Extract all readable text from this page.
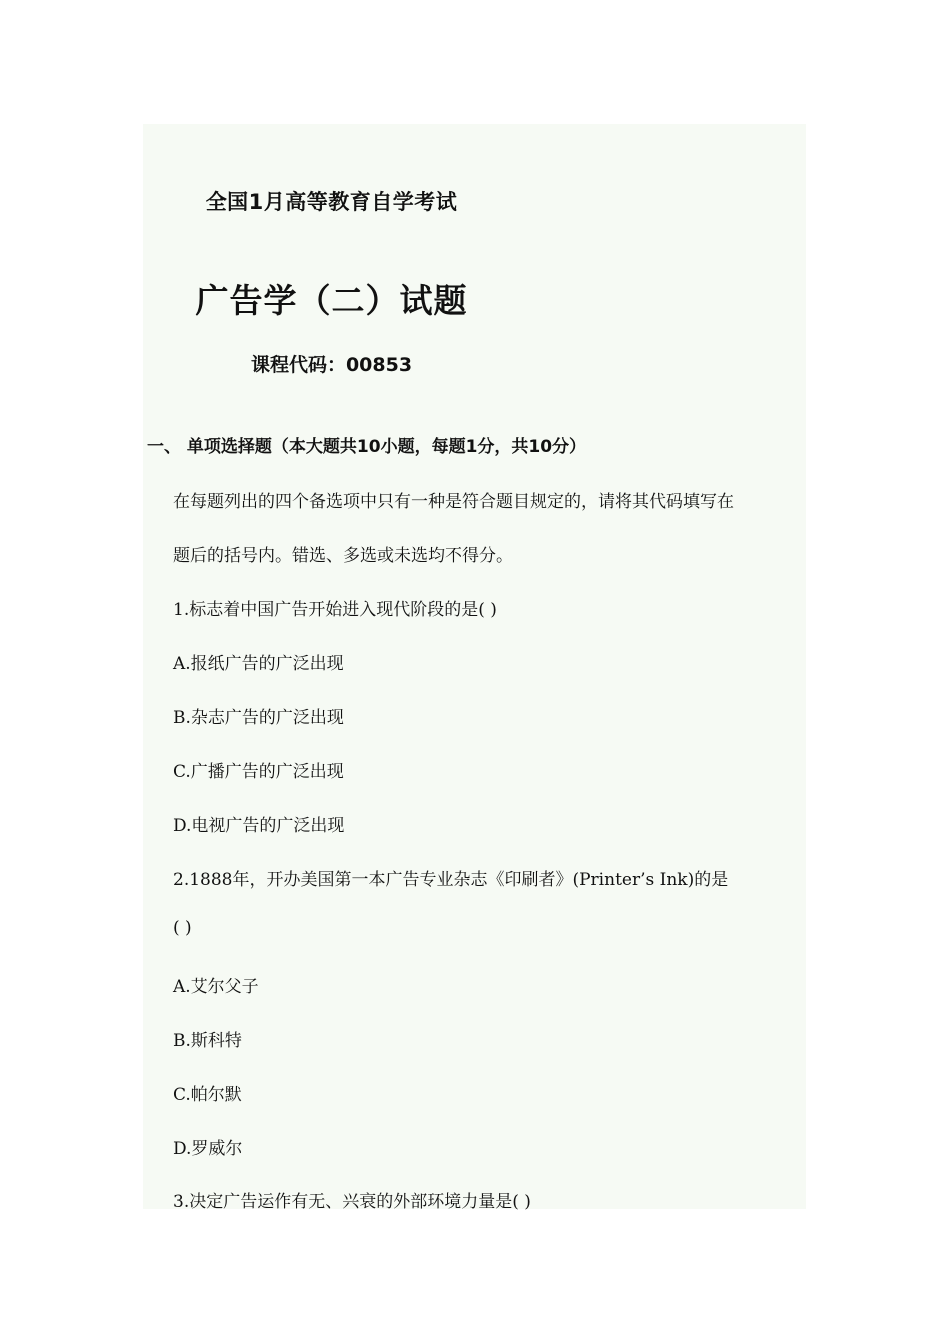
全国1月高等教育自学考试

广告学（二）试题

课程代码：00853

一、 单项选择题（本大题共10小题，每题1分，共10分）

在每题列出的四个备选项中只有一种是符合题目规定的，请将其代码填写在

题后的括号内。错选、多选或未选均不得分。

1.标志着中国广告开始进入现代阶段的是( )

A.报纸广告的广泛出现

B.杂志广告的广泛出现

C.广播广告的广泛出现

D.电视广告的广泛出现

2.1888年，开办美国第一本广告专业杂志《印刷者》(Printer’s Ink)的是

( )

A.艾尔父子

B.斯科特

C.帕尔默

D.罗威尔

3.决定广告运作有无、兴衰的外部环境力量是( )
